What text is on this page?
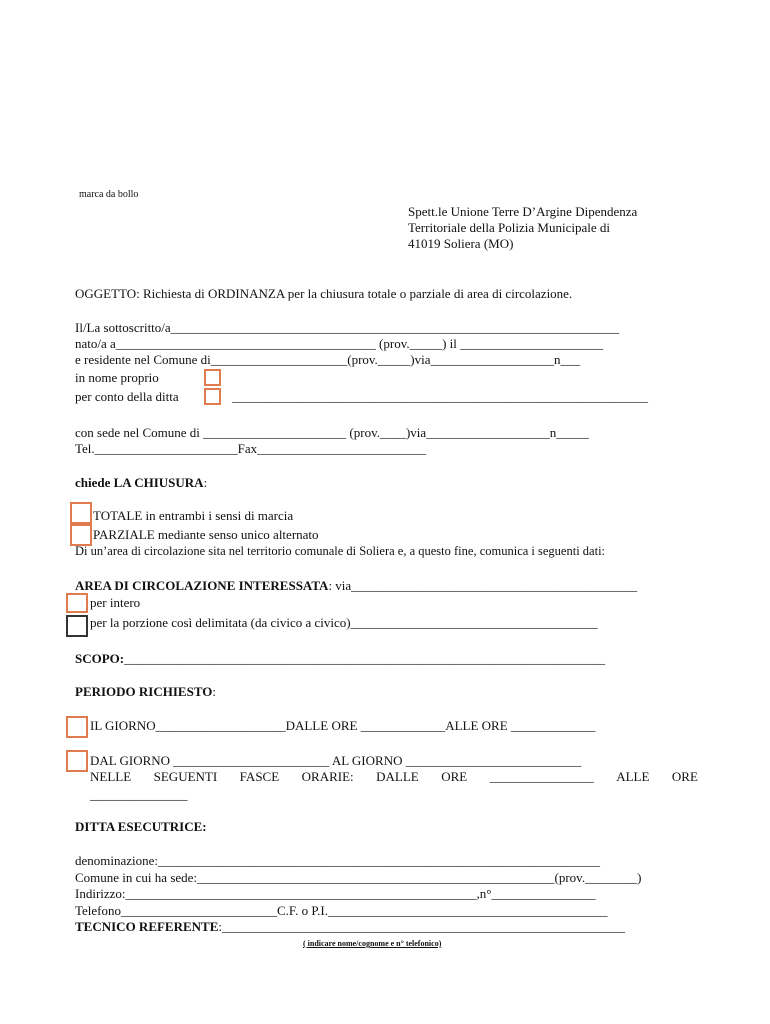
marca da bollo
Spett.le Unione Terre D’Argine Dipendenza
Territoriale della Polizia Municipale di
41019 Soliera (MO)
OGGETTO: Richiesta di ORDINANZA per la chiusura totale o parziale di area di circolazione.
Il/La sottoscritto/a_____________________________________________________________________
nato/a a________________________________________ (prov._____) il ______________________
e residente nel Comune di_____________________(prov._____)via___________________n___
in nome proprio
per conto della ditta	________________________________________________________________
con sede nel Comune di ______________________ (prov.____)via___________________n_____
Tel.______________________Fax__________________________
chiede LA CHIUSURA:
TOTALE in entrambi i sensi di marcia
PARZIALE mediante senso unico alternato
Di un’area di circolazione sita nel territorio comunale di Soliera e, a questo fine, comunica i seguenti dati:
AREA DI CIRCOLAZIONE INTERESSATA: via____________________________________________
per intero
per la porzione così delimitata (da civico a civico)______________________________________
SCOPO:__________________________________________________________________________
PERIODO RICHIESTO:
IL GIORNO____________________DALLE ORE _____________ALLE ORE _____________
DAL GIORNO ________________________ AL GIORNO ___________________________
NELLE SEGUENTI FASCE ORARIE: DALLE ORE ________________ ALLE ORE
_______________
DITTA ESECUTRICE:
denominazione:____________________________________________________________________
Comune in cui ha sede:_______________________________________________________(prov.________)
Indirizzo:______________________________________________________,n°________________
Telefono________________________C.F. o P.I.___________________________________________
TECNICO REFERENTE:______________________________________________________________
( indicare nome/cognome e n° telefonico)
